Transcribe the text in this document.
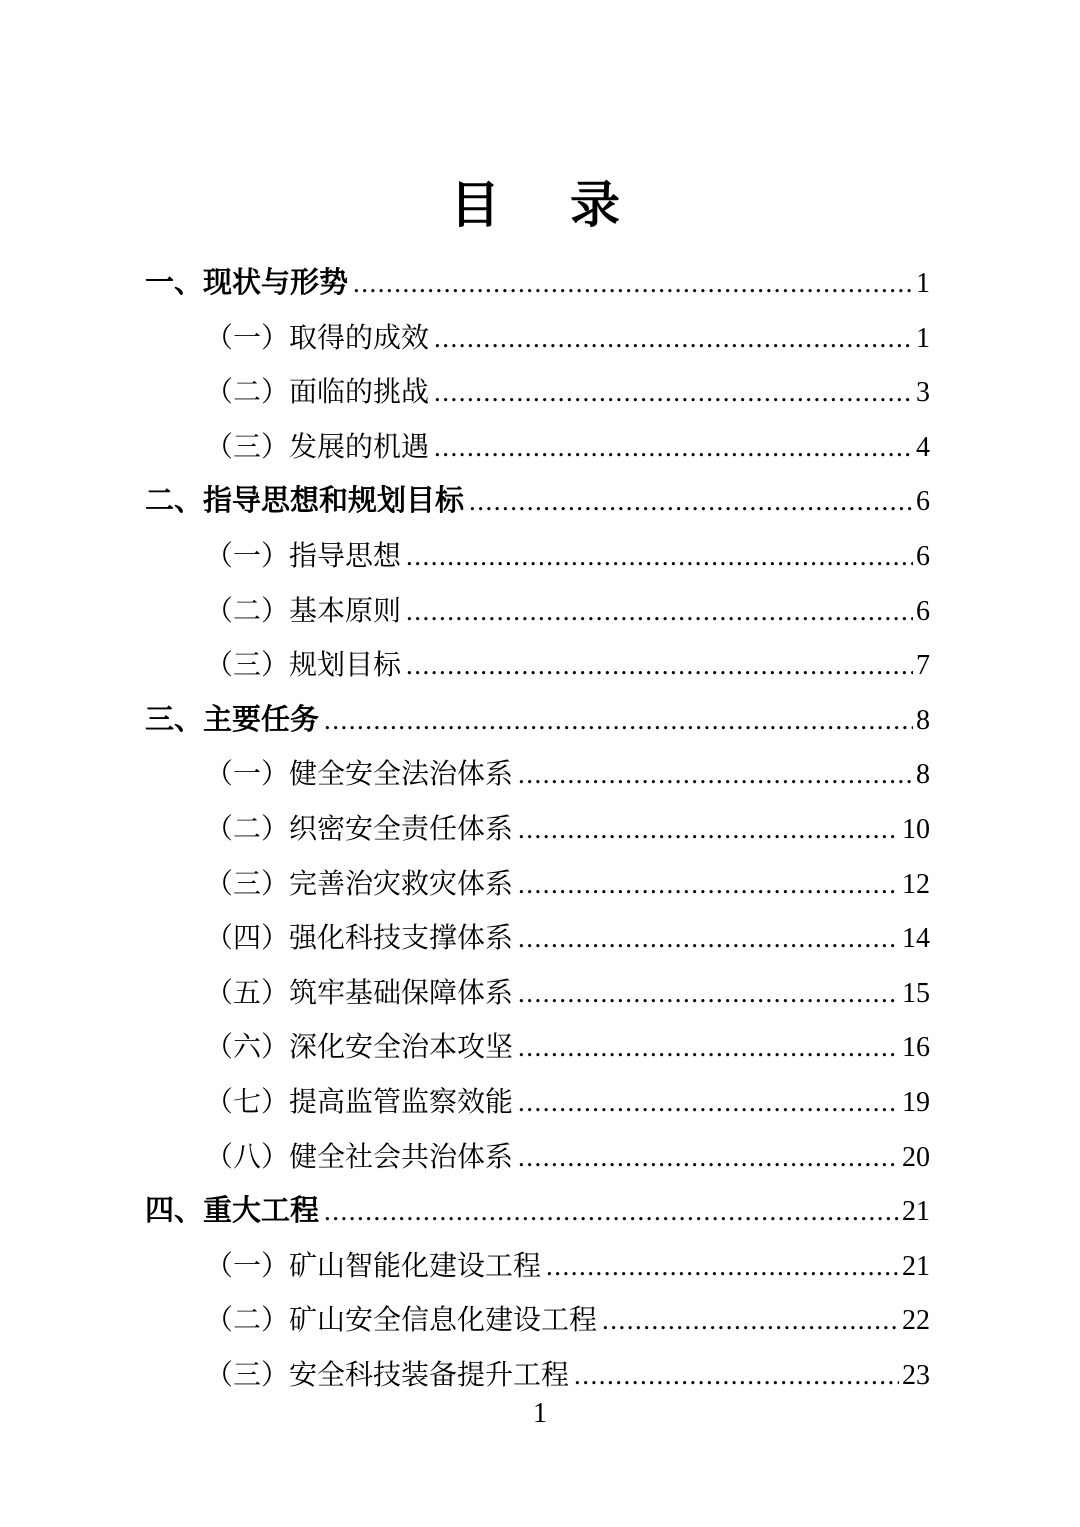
目　录
一、现状与形势 .....	1
（一）取得的成效 .....	1
（二）面临的挑战 .....	3
（三）发展的机遇 .....	4
二、指导思想和规划目标 .....	6
（一）指导思想 .....	6
（二）基本原则 .....	6
（三）规划目标 .....	7
三、主要任务 .....	8
（一）健全安全法治体系 .....	8
（二）织密安全责任体系 .....	10
（三）完善治灾救灾体系 .....	12
（四）强化科技支撑体系 .....	14
（五）筑牢基础保障体系 .....	15
（六）深化安全治本攻坚 .....	16
（七）提高监管监察效能 .....	19
（八）健全社会共治体系 .....	20
四、重大工程 .....	21
（一）矿山智能化建设工程 .....	21
（二）矿山安全信息化建设工程 .....	22
（三）安全科技装备提升工程 .....	23
1
